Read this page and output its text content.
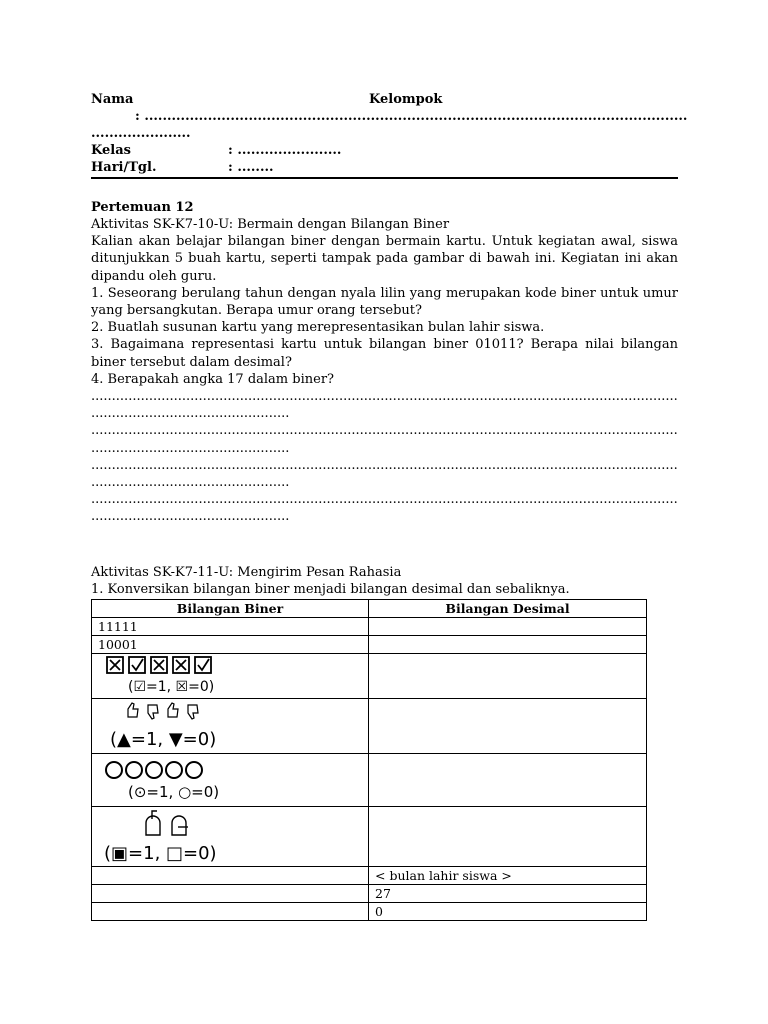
Nama	Kelompok
: ........................................................................................................................
......................
Kelas	: .......................
Hari/Tgl.	: ........
Pertemuan 12

Aktivitas SK-K7-10-U: Bermain dengan Bilangan Biner

Kalian akan belajar bilangan biner dengan bermain kartu. Untuk kegiatan awal, siswa ditunjukkan 5 buah kartu, seperti tampak pada gambar di bawah ini. Kegiatan ini akan dipandu oleh guru.

1. Seseorang berulang tahun dengan nyala lilin yang merupakan kode biner untuk umur yang bersangkutan. Berapa umur orang tersebut?

2. Buatlah susunan kartu yang merepresentasikan bulan lahir siswa.

3. Bagaimana representasi kartu untuk bilangan biner 01011? Berapa nilai bilangan biner tersebut dalam desimal?

4. Berapakah angka 17 dalam biner?

..............................................................................................................................................
................................................
..............................................................................................................................................
................................................
..............................................................................................................................................
................................................
..............................................................................................................................................
................................................

Aktivitas SK-K7-11-U: Mengirim Pesan Rahasia

1. Konversikan bilangan biner menjadi bilangan desimal dan sebaliknya.

Bilangan Biner	Bilangan Desimal
11111	
10001	

(☑=1, ☒=0)	

(▲=1, ▼=0)	

(⊙=1, ○=0)	

(▣=1, □=0)	

	< bulan lahir siswa >
	27
	0
